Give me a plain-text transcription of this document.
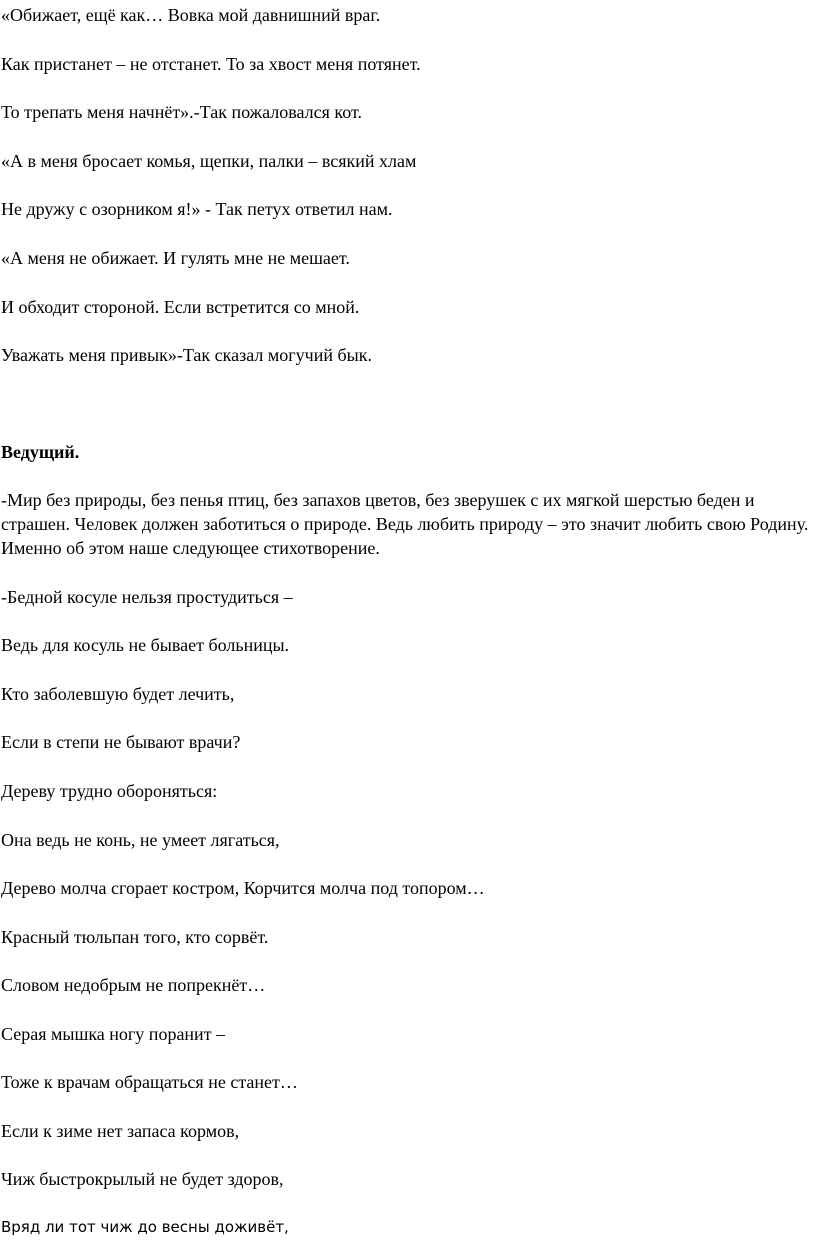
«Обижает, ещё как… Вовка мой давнишний враг.
Как пристанет – не отстанет. То за хвост меня потянет.
То трепать меня начнёт».-Так пожаловался кот.
«А в меня бросает комья, щепки, палки – всякий хлам
Не дружу с озорником я!» - Так петух ответил нам.
«А меня не обижает. И гулять мне не мешает.
И обходит стороной. Если встретится со мной.
Уважать меня привык»-Так сказал могучий бык.
Ведущий.
-Мир без природы, без пенья птиц, без запахов цветов, без зверушек с их мягкой шерстью беден и страшен. Человек должен заботиться о природе. Ведь любить природу – это значит любить свою Родину. Именно об этом наше следующее стихотворение.
-Бедной косуле нельзя простудиться –
Ведь для косуль не бывает больницы.
Кто заболевшую будет лечить,
Если в степи не бывают врачи?
Дереву трудно обороняться:
Она ведь не конь, не умеет лягаться,
Дерево молча сгорает костром, Корчится молча под топором…
Красный тюльпан того, кто сорвёт.
Словом недобрым не попрекнёт…
Серая мышка ногу поранит –
Тоже к врачам обращаться не станет…
Если к зиме нет запаса кормов,
Чиж быстрокрылый не будет здоров,
Вряд ли тот чиж до весны доживёт,
